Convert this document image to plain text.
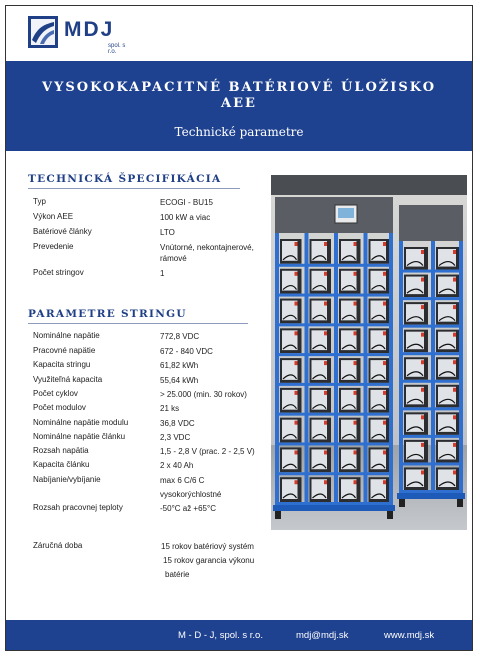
MDJ
spol. s r.o.
VYSOKOKAPACITNÉ BATÉRIOVÉ ÚLOŽISKO
AEE
Technické parametre
TECHNICKÁ ŠPECIFIKÁCIA
Typ	ECOGI - BU15
Výkon AEE	100 kW a viac
Batériové články	LTO
Prevedenie	Vnútorné, nekontajnerové, rámové
Počet stringov	1
PARAMETRE STRINGU
Nominálne napätie	772,8 VDC
Pracovné napätie	672 - 840 VDC
Kapacita stringu	61,82 kWh
Využiteľná kapacita	55,64 kWh
Počet cyklov	> 25.000 (min. 30 rokov)
Počet modulov	21 ks
Nominálne napätie modulu	36,8 VDC
Nominálne napätie článku	2,3 VDC
Rozsah napätia	1,5 - 2,8 V (prac. 2 - 2,5 V)
Kapacita článku	2 x 40 Ah
Nabíjanie/vybíjanie	max 6 C/6 C
vysokorýchlostné
Rozsah pracovnej teploty	-50°C až +65°C
Záručná doba	15 rokov batériový systém
15 rokov garancia výkonu
batérie
M - D - J, spol. s r.o.	mdj@mdj.sk	www.mdj.sk
